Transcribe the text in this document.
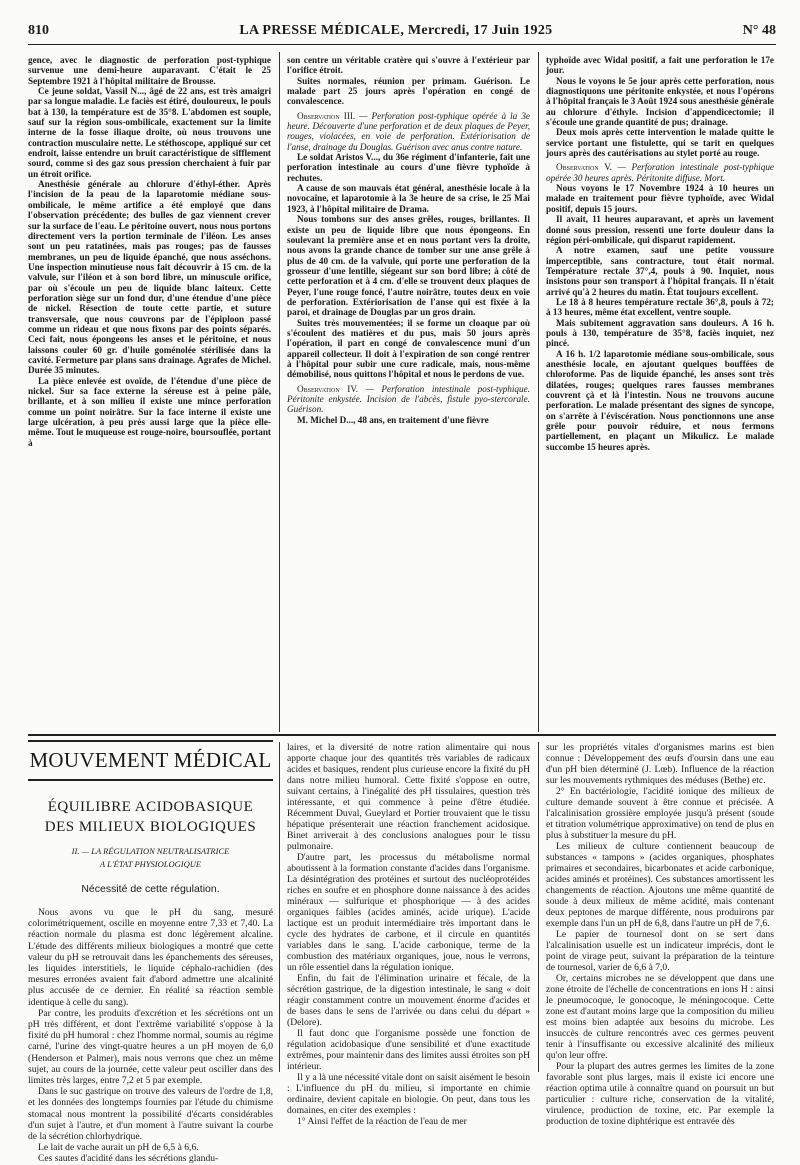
810	LA PRESSE MÉDICALE, Mercredi, 17 Juin 1925	N° 48

gence, avec le diagnostic de perforation post-typhique survenue une demi-heure auparavant. C'était le 25 Septembre 1921 à l'hôpital militaire de Brousse.

Ce jeune soldat, Vassil N..., âgé de 22 ans, est très amaigri par sa longue maladie. Le faciès est étiré, douloureux, le pouls bat à 130, la température est de 35°8. L'abdomen est souple, sauf sur la région sous-ombilicale, exactement sur la limite interne de la fosse iliaque droite, où nous trouvons une contraction musculaire nette. Le stéthoscope, appliqué sur cet endroit, laisse entendre un bruit caractéristique de sifflement sourd, comme si des gaz sous pression cherchaient à fuir par un étroit orifice.

Anesthésie générale au chlorure d'éthyl-éther. Après l'incision de la peau de la laparotomie médiane sous-ombilicale, le même artifice a été employé que dans l'observation précédente; des bulles de gaz viennent crever sur la surface de l'eau. Le péritoine ouvert, nous nous portons directement vers la portion terminale de l'iléon. Les anses sont un peu ratatinées, mais pas rouges; pas de fausses membranes, un peu de liquide épanché, que nous asséchons. Une inspection minutieuse nous fait découvrir à 15 cm. de la valvule, sur l'iléon et à son bord libre, un minuscule orifice, par où s'écoule un peu de liquide blanc laiteux. Cette perforation siège sur un fond dur, d'une étendue d'une pièce de nickel. Résection de toute cette partie, et suture transversale, que nous couvrons par de l'épiploon passé comme un rideau et que nous fixons par des points séparés. Ceci fait, nous épongeons les anses et le péritoine, et nous laissons couler 60 gr. d'huile goménolée stérilisée dans la cavité. Fermeture par plans sans drainage. Agrafes de Michel. Durée 35 minutes.

La pièce enlevée est ovoïde, de l'étendue d'une pièce de nickel. Sur sa face externe la séreuse est à peine pâle, brillante, et à son milieu il existe une mince perforation comme un point noirâtre. Sur la face interne il existe une large ulcération, à peu près aussi large que la pièce elle-même. Tout le muqueuse est rouge-noire, boursouflée, portant à

son centre un véritable cratère qui s'ouvre à l'extérieur par l'orifice étroit.

Suites normales, réunion per primam. Guérison. Le malade part 25 jours après l'opération en congé de convalescence.

Observation III. — Perforation post-typhique opérée à la 3e heure. Découverte d'une perforation et de deux plaques de Peyer, rouges, violacées, en voie de perforation. Extériorisation de l'anse, drainage du Douglas. Guérison avec anus contre nature.

Le soldat Aristos V..., du 36e régiment d'infanterie, fait une perforation intestinale au cours d'une fièvre typhoïde à rechutes.

A cause de son mauvais état général, anesthésie locale à la novocaïne, et laparotomie à la 3e heure de sa crise, le 25 Mai 1923, à l'hôpital militaire de Drama.

Nous tombons sur des anses grêles, rouges, brillantes. Il existe un peu de liquide libre que nous épongeons. En soulevant la première anse et en nous portant vers la droite, nous avons la grande chance de tomber sur une anse grêle à plus de 40 cm. de la valvule, qui porte une perforation de la grosseur d'une lentille, siégeant sur son bord libre; à côté de cette perforation et à 4 cm. d'elle se trouvent deux plaques de Peyer, l'une rouge foncé, l'autre noirâtre, toutes deux en voie de perforation. Extériorisation de l'anse qui est fixée à la paroi, et drainage de Douglas par un gros drain.

Suites très mouvementées; il se forme un cloaque par où s'écoulent des matières et du pus, mais 50 jours après l'opération, il part en congé de convalescence muni d'un appareil collecteur. Il doit à l'expiration de son congé rentrer à l'hôpital pour subir une cure radicale, mais, nous-même démobilisé, nous quittons l'hôpital et nous le perdons de vue.

Observation IV. — Perforation intestinale post-typhique. Péritonite enkystée. Incision de l'abcès, fistule pyo-stercorale. Guérison.

M. Michel D..., 48 ans, en traitement d'une fièvre

typhoïde avec Widal positif, a fait une perforation le 17e jour.

Nous le voyons le 5e jour après cette perforation, nous diagnostiquons une péritonite enkystée, et nous l'opérons à l'hôpital français le 3 Août 1924 sous anesthésie générale au chlorure d'éthyle. Incision d'appendicectomie; il s'écoule une grande quantité de pus; drainage.

Deux mois après cette intervention le malade quitte le service portant une fistulette, qui se tarit en quelques jours après des cautérisations au stylet porté au rouge.

Observation V. — Perforation intestinale post-typhique opérée 30 heures après. Péritonite diffuse. Mort.

Nous voyons le 17 Novembre 1924 à 10 heures un malade en traitement pour fièvre typhoïde, avec Widal positif, depuis 15 jours.

Il avait, 11 heures auparavant, et après un lavement donné sous pression, ressenti une forte douleur dans la région péri-ombilicale, qui disparut rapidement.

A notre examen, sauf une petite voussure imperceptible, sans contracture, tout était normal. Température rectale 37°,4, pouls à 90. Inquiet, nous insistons pour son transport à l'hôpital français. Il n'était arrivé qu'à 2 heures du matin. État toujours excellent.

Le 18 à 8 heures température rectale 36°,8, pouls à 72; à 13 heures, même état excellent, ventre souple.

Mais subitement aggravation sans douleurs. A 16 h. pouls à 130, température de 35°8, faciès inquiet, nez pincé.

A 16 h. 1/2 laparotomie médiane sous-ombilicale, sous anesthésie locale, en ajoutant quelques bouffées de chloroforme. Pas de liquide épanché, les anses sont très dilatées, rouges; quelques rares fausses membranes couvrent çà et là l'intestin. Nous ne trouvons aucune perforation. Le malade présentant des signes de syncope, on s'arrête à l'éviscération. Nous ponctionnons une anse grêle pour pouvoir réduire, et nous fermons partiellement, en plaçant un Mikulicz. Le malade succombe 15 heures après.

MOUVEMENT MÉDICAL
ÉQUILIBRE ACIDOBASIQUE
DES MILIEUX BIOLOGIQUES
II. — LA RÉGULATION NEUTRALISATRICE
A L'ÉTAT PHYSIOLOGIQUE
Nécessité de cette régulation.

Nous avons vu que le pH du sang, mesuré colorimétriquement, oscille en moyenne entre 7,33 et 7,40. La réaction normale du plasma est donc légèrement alcaline. L'étude des différents milieux biologiques a montré que cette valeur du pH se retrouvait dans les épanchements des séreuses, les liquides interstitiels, le liquide céphalo-rachidien (des mesures erronées avaient fait d'abord admettre une alcalinité plus accusée de ce dernier. En réalité sa réaction semble identique à celle du sang).

Par contre, les produits d'excrétion et les sécrétions ont un pH très différent, et dont l'extrême variabilité s'oppose à la fixité du pH humoral : chez l'homme normal, soumis au régime carné, l'urine des vingt-quatre heures a un pH moyen de 6,0 (Henderson et Palmer), mais nous verrons que chez un même sujet, au cours de la journée, cette valeur peut osciller dans des limites très larges, entre 7,2 et 5 par exemple.

Dans le suc gastrique on trouve des valeurs de l'ordre de 1,8, et les données des longtemps fournies par l'étude du chimisme stomacal nous montrent la possibilité d'écarts considérables d'un sujet à l'autre, et d'un moment à l'autre suivant la courbe de la sécrétion chlorhydrique.

Le lait de vache aurait un pH de 6,5 à 6,6.

Ces sautes d'acidité dans les sécrétions glandu-

laires, et la diversité de notre ration alimentaire qui nous apporte chaque jour des quantités très variables de radicaux acides et basiques, rendent plus curieuse encore la fixité du pH dans notre milieu humoral. Cette fixité s'oppose en outre, suivant certains, à l'inégalité des pH tissulaires, question très intéressante, et qui commence à peine d'être étudiée. Récemment Duval, Gueylard et Portier trouvaient que le tissu hépatique présenterait une réaction franchement acidosique. Binet arriverait à des conclusions analogues pour le tissu pulmonaire.

D'autre part, les processus du métabolisme normal aboutissent à la formation constante d'acides dans l'organisme. La désintégration des protéines et surtout des nucléoprotéides riches en soufre et en phosphore donne naissance à des acides minéraux — sulfurique et phosphorique — à des acides organiques faibles (acides aminés, acide urique). L'acide lactique est un produit intermédiaire très important dans le cycle des hydrates de carbone, et il circule en quantités variables dans le sang. L'acide carbonique, terme de la combustion des matériaux organiques, joue, nous le verrons, un rôle essentiel dans la régulation ionique.

Enfin, du fait de l'élimination urinaire et fécale, de la sécrétion gastrique, de la digestion intestinale, le sang « doit réagir constamment contre un mouvement énorme d'acides et de bases dans le sens de l'arrivée ou dans celui du départ » (Delore).

Il faut donc que l'organisme possède une fonction de régulation acidobasique d'une sensibilité et d'une exactitude extrêmes, pour maintenir dans des limites aussi étroites son pH intérieur.

Il y a là une nécessité vitale dont on saisit aisément le besoin : L'influence du pH du milieu, si importante en chimie ordinaire, devient capitale en biologie. On peut, dans tous les domaines, en citer des exemples :

1° Ainsi l'effet de la réaction de l'eau de mer

sur les propriétés vitales d'organismes marins est bien connue : Développement des œufs d'oursin dans une eau d'un pH bien déterminé (J. Lœb). Influence de la réaction sur les mouvements rythmiques des méduses (Bethe) etc.

2° En bactériologie, l'acidité ionique des milieux de culture demande souvent à être connue et précisée. A l'alcalinisation grossière employée jusqu'à présent (soude et titration volumétrique approximative) on tend de plus en plus à substituer la mesure du pH.

Les milieux de culture contiennent beaucoup de substances « tampons » (acides organiques, phosphates primaires et secondaires, bicarbonates et acide carbonique, acides aminés et protéines). Ces substances amortissent les changements de réaction. Ajoutons une même quantité de soude à deux milieux de même acidité, mais contenant deux peptones de marque différente, nous produirons par exemple dans l'un un pH de 6,8, dans l'autre un pH de 7,6.

Le papier de tournesol dont on se sert dans l'alcalinisation usuelle est un indicateur imprécis, dont le point de virage peut, suivant la préparation de la teinture de tournesol, varier de 6,6 à 7,0.

Or, certains microbes ne se développent que dans une zone étroite de l'échelle de concentrations en ions H : ainsi le pneumocoque, le gonocoque, le méningocoque. Cette zone est d'autant moins large que la composition du milieu est moins bien adaptée aux besoins du microbe. Les insuccès de culture rencontrés avec ces germes peuvent tenir à l'insuffisante ou excessive alcalinité des milieux qu'on leur offre.

Pour la plupart des autres germes les limites de la zone favorable sont plus larges, mais il existe ici encore une réaction optima utile à connaître quand on poursuit un but particulier : culture riche, conservation de la vitalité, virulence, production de toxine, etc. Par exemple la production de toxine diphtérique est entravée dès
